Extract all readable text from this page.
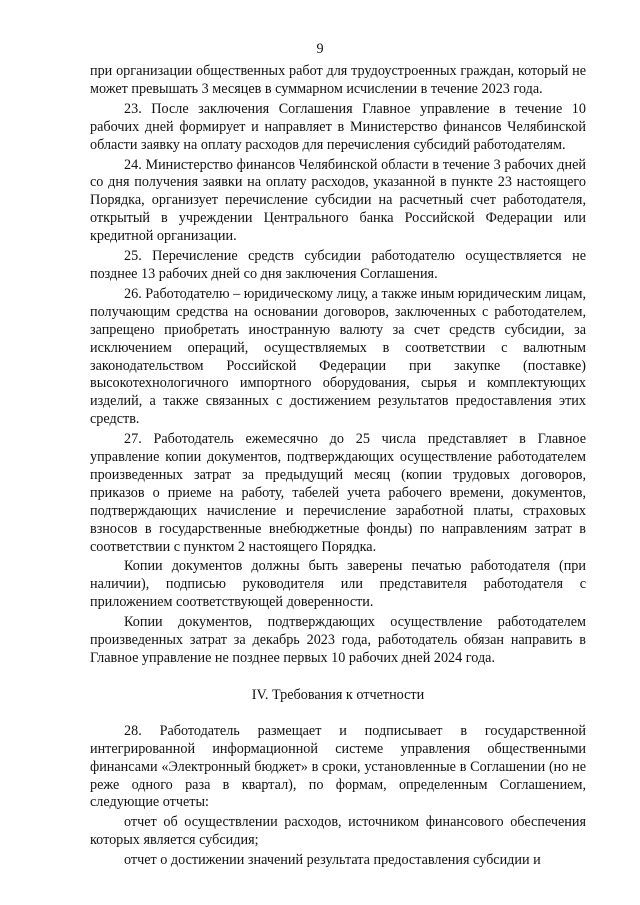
9

при организации общественных работ для трудоустроенных граждан, который не может превышать 3 месяцев в суммарном исчислении в течение 2023 года.

23. После заключения Соглашения Главное управление в течение 10 рабочих дней формирует и направляет в Министерство финансов Челябинской области заявку на оплату расходов для перечисления субсидий работодателям.

24. Министерство финансов Челябинской области в течение 3 рабочих дней со дня получения заявки на оплату расходов, указанной в пункте 23 настоящего Порядка, организует перечисление субсидии на расчетный счет работодателя, открытый в учреждении Центрального банка Российской Федерации или кредитной организации.

25. Перечисление средств субсидии работодателю осуществляется не позднее 13 рабочих дней со дня заключения Соглашения.

26. Работодателю – юридическому лицу, а также иным юридическим лицам, получающим средства на основании договоров, заключенных с работодателем, запрещено приобретать иностранную валюту за счет средств субсидии, за исключением операций, осуществляемых в соответствии с валютным законодательством Российской Федерации при закупке (поставке) высокотехнологичного импортного оборудования, сырья и комплектующих изделий, а также связанных с достижением результатов предоставления этих средств.

27. Работодатель ежемесячно до 25 числа представляет в Главное управление копии документов, подтверждающих осуществление работодателем произведенных затрат за предыдущий месяц (копии трудовых договоров, приказов о приеме на работу, табелей учета рабочего времени, документов, подтверждающих начисление и перечисление заработной платы, страховых взносов в государственные внебюджетные фонды) по направлениям затрат в соответствии с пунктом 2 настоящего Порядка.

Копии документов должны быть заверены печатью работодателя (при наличии), подписью руководителя или представителя работодателя с приложением соответствующей доверенности.

Копии документов, подтверждающих осуществление работодателем произведенных затрат за декабрь 2023 года, работодатель обязан направить в Главное управление не позднее первых 10 рабочих дней 2024 года.

IV. Требования к отчетности

28. Работодатель размещает и подписывает в государственной интегрированной информационной системе управления общественными финансами «Электронный бюджет» в сроки, установленные в Соглашении (но не реже одного раза в квартал), по формам, определенным Соглашением, следующие отчеты:

отчет об осуществлении расходов, источником финансового обеспечения которых является субсидия;

отчет о достижении значений результата предоставления субсидии и
